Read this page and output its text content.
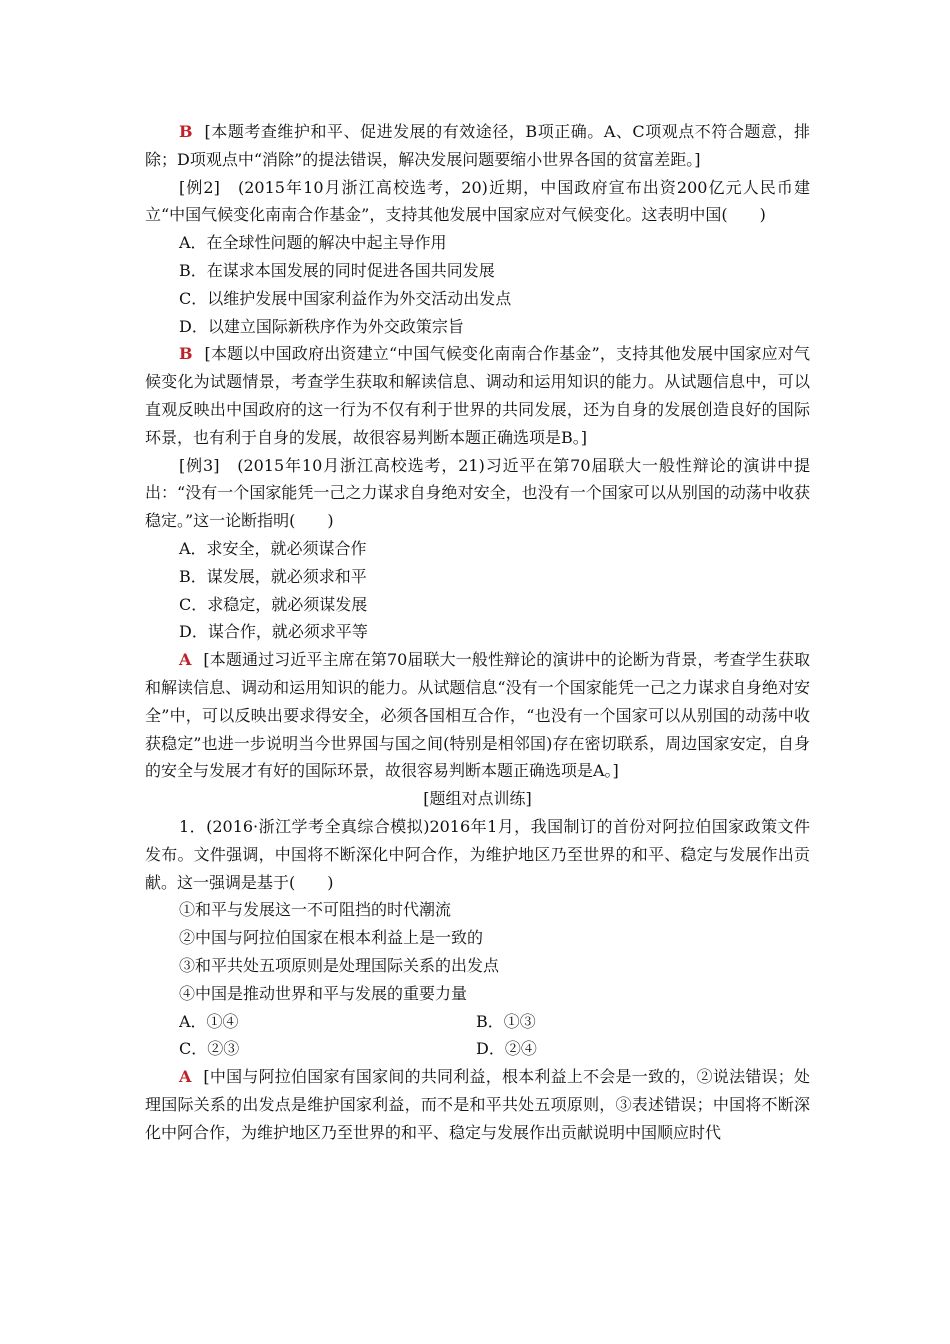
B [本题考查维护和平、促进发展的有效途径，B项正确。A、C项观点不符合题意，排除；D项观点中“消除”的提法错误，解决发展问题要缩小世界各国的贫富差距。]

[例2]　(2015年10月浙江高校选考，20)近期，中国政府宣布出资200亿元人民币建立“中国气候变化南南合作基金”，支持其他发展中国家应对气候变化。这表明中国(　　)

A．在全球性问题的解决中起主导作用

B．在谋求本国发展的同时促进各国共同发展

C．以维护发展中国家利益作为外交活动出发点

D．以建立国际新秩序作为外交政策宗旨

B [本题以中国政府出资建立“中国气候变化南南合作基金”，支持其他发展中国家应对气候变化为试题情景，考查学生获取和解读信息、调动和运用知识的能力。从试题信息中，可以直观反映出中国政府的这一行为不仅有利于世界的共同发展，还为自身的发展创造良好的国际环景，也有利于自身的发展，故很容易判断本题正确选项是B。]

[例3]　(2015年10月浙江高校选考，21)习近平在第70届联大一般性辩论的演讲中提出：“没有一个国家能凭一己之力谋求自身绝对安全，也没有一个国家可以从别国的动荡中收获稳定。”这一论断指明(　　)

A．求安全，就必须谋合作

B．谋发展，就必须求和平

C．求稳定，就必须谋发展

D．谋合作，就必须求平等

A [本题通过习近平主席在第70届联大一般性辩论的演讲中的论断为背景，考查学生获取和解读信息、调动和运用知识的能力。从试题信息“没有一个国家能凭一己之力谋求自身绝对安全”中，可以反映出要求得安全，必须各国相互合作，“也没有一个国家可以从别国的动荡中收获稳定”也进一步说明当今世界国与国之间(特别是相邻国)存在密切联系，周边国家安定，自身的安全与发展才有好的国际环景，故很容易判断本题正确选项是A。]

[题组对点训练]

1．(2016·浙江学考全真综合模拟)2016年1月，我国制订的首份对阿拉伯国家政策文件发布。文件强调，中国将不断深化中阿合作，为维护地区乃至世界的和平、稳定与发展作出贡献。这一强调是基于(　　)

①和平与发展这一不可阻挡的时代潮流

②中国与阿拉伯国家在根本利益上是一致的

③和平共处五项原则是处理国际关系的出发点

④中国是推动世界和平与发展的重要力量

A．①④	B．①③
C．②③	D．②④

A [中国与阿拉伯国家有国家间的共同利益，根本利益上不会是一致的，②说法错误；处理国际关系的出发点是维护国家利益，而不是和平共处五项原则，③表述错误；中国将不断深化中阿合作，为维护地区乃至世界的和平、稳定与发展作出贡献说明中国顺应时代
